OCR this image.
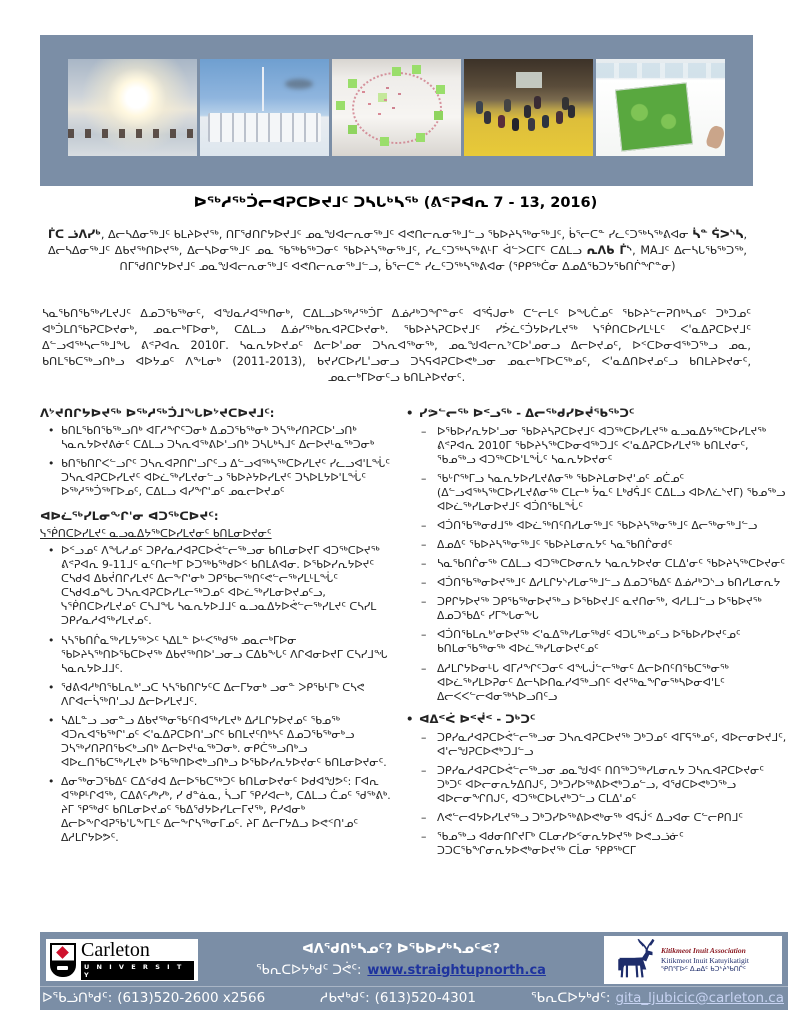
ᐅᖅᓱᖅᑑᓕᐊᕈᑕᐅᔪᒧᑦ ᑐᓴᒐᒃᓴᖅ (ᕕᕝᕈᐊᕆ 7 - 13, 2016)

ᒦᑕ ᓘᐱᓯᒃ, ᐃᓕᓴᐃᓂᖅᒧᑦ ᑲᒪᔨᐅᔪᖅ, ᑎᒥᖁᑎᒋᔭᐅᔪᒧᑦ ᓄᓇᖑᐊᓕᕆᓂᖅᒧᑦ ᐊᕙᑎᓕᕆᓂᖅᒧᓪᓗ ᖃᐅᔨᓴᖅᓂᖅᒧᑦ, ᑳᕐᓕᑕᓐ ᓯᓚᑦᑐᖅᓴᖅᕕᐊᓂ ᓵᓐ ᕌᐳᔅᓴ, ᐃᓕᓴᐃᓂᖅᒧᑦ ᐃᑲᔪᖅᑎᐅᔪᖅ, ᐃᓕᓴᐅᓂᖅᒧᑦ ᓄᓇ ᖃᖅᑲᖅᑐᓂᑦ ᖃᐅᔨᓴᖅᓂᖅᒧᑦ, ᓯᓚᑦᑐᖅᓴᖅᕕᒻᒥ ᐋᓪᐳᑕᒥᑦ ᑕᐃᒪᓗ ᕆᐱᑲ ᒦᔅ, MAᒧᑦ ᐃᓕᓴᒐᖃᖅᑐᖅ, ᑎᒥᖁᑎᒋᔭᐅᔪᒧᑦ ᓄᓇᖑᐊᓕᕆᓂᖅᒧᑦ ᐊᕙᑎᓕᕆᓂᖅᒧᓪᓗ, ᑳᕐᓕᑕᓐ ᓯᓚᑦᑐᖅᓴᖅᕕᐊᓂ (ᕿᑭᖅᑖᓂ ᐃᓄᐃᖃᑐᔭᖃᑎᒌᖏᓐᓂ)

ᓴᓇᖃᑎᖃᖅᓯᒪᔪᒍᑦ ᐃᓄᑐᖃᖅᓂᑦ, ᐊᖑᓇᓱᐊᖅᑎᓂᒃ, ᑕᐃᒪᓗᐅᖅᓱᖅᑑᒥ ᐃᓅᓱᒃᑐᖏᓐᓂᑦ ᐊᕐᕌᒍᓂᒃ ᑕᓪᓕᒪᑦ ᐅᖓᑖᓄᑦ ᖃᐅᔨᓪᓕᕈᑎᒃᓴᓄᑦ ᑐᒃᑐᓄᑦ ᐊᒃᑑᒪᑎᖃᕈᑕᐅᔪᓂᒃ, ᓄᓇᓕᒃᒥᐅᓂᒃ, ᑕᐃᒪᓗ ᐃᓅᓯᖅᑲᕆᐊᕈᑕᐅᔪᓂᒃ. ᖃᐅᔨᓴᕈᑕᐅᔪᒧᑦ ᓯᕘᓛᑦᑑᔭᐅᓯᒪᔪᖅ ᓭᖀᑎᑕᐅᓯᒪᒻᒪᑦ ᐸ'ᓇᐃᕈᑕᐅᔪᒧᑦ ᐃᓪᓗᐊᖅᓴᓕᖅᒧᖓ ᕕᕝᕈᐊᕆ 2010ᒥ. ᓴᓇᕆᔭᐅᔪᓄᑦ ᐃᓕᐅ'ᓄᓂ ᑐᓴᕆᐊᖅᓂᖅ, ᓄᓇᖑᐊᓕᕆᔾᑕᐅ'ᓄᓂᓗ ᐃᓕᐅᔪᓄᑦ, ᐅᑉᑕᐅᓂᐊᖅᑐᖅᓗ ᓄᓇ, ᑲᑎᒪᖃᑕᖅᓗᑎᒃᓗ ᐊᐅᔭᓄᑦ ᐱᖕᒪᓂᒃ (2011-2013), ᑲᔪᓯᑕᐅᓯᒪ'ᓗᓂᓗ ᑐᓴᕋᐊᕈᑕᐅᕙᒃᓗᓂ ᓄᓇᓕᒃᒥᐅᑕᖅᓄᑦ, ᐸ'ᓇᐃᑎᐅᔪᓄᑦᓗ ᑲᑎᒪᔨᐅᔪᓂᑦ, ᓄᓇᓕᒃᒥᐅᓂᑦᓗ ᑲᑎᒪᔨᐅᔪᓂᑦ.

ᐱᔾᔪᑎᒋᔭᐅᔪᖅ ᐅᖅᓱᖅᑑᒧᖓᐅᔾᔪᑕᐅᔪᒧᑦ:
• ᑲᑎᒪᖃᑎᖃᖅᓗᑎᒃ ᐊᒥᓱᖏᑦᑐᓂᒃ ᐃᓄᑐᖃᖅᓂᒃ ᑐᓴᖅᓯᑎᕈᑕᐅ'ᓗᑎᒃ ᓴᓇᕆᔭᐅᔪᕕᓃᑦ ᑕᐃᒪᓗ ᑐᓴᕆᐊᖅᕕᐅ'ᓗᑎᒃ ᑐᓴᒐᒃᓴᒧᑦ ᐃᓕᐅᔪᒻᓇᖅᑐᓂᒃ
• ᑲᑎᖃᑎᒋᐸᓪᓗᒋᑦ ᑐᓴᕆᐊᕈᑎᒋ'ᓗᒋᑦᓗ ᐃᓪᓗᐊᖅᓴᖅᑕᐅᓯᒪᔪᑦ ᓯᓚᓗᐊ'ᒪᖔᑦ ᑐᓴᕆᐊᕈᑕᐅᓯᒪᔪᑦ ᐊᐅᓛᖅᓯᒪᔪᓂᓪᓗ ᖃᐅᔨᔭᐅᓯᒪᔪᑦ ᑐᓴᐅᒪᔭᐅ'ᒪᖔᑦ ᐅᖅᓱᖅᑑᖅᒥᐅᓄᑦ, ᑕᐃᒪᓗ ᐊᓯᖏ'ᓄᑦ ᓄᓇᓕᐅᔪᓄᑦ
ᐊᐅᓛᖅᓯᒪᓂᖕᒋ'ᓂ ᐊᑐᖅᑕᐅᔪᑦ:
ᓭᖀᑎᑕᐅᓯᒪᔪᑦ ᓇᓗᓇᐃᔭᖅᑕᐅᓯᒪᔪᓂᑦ ᑲᑎᒪᓂᐅᔪᓂᑦ
• ᐅᑉᓗᓄᑦ ᐱᖓᓱᓄᑦ ᑐᑭᓯᓇᓱᐊᕈᑕᐅᕚᓪᓕᖅᓗᓂ ᑲᑎᒪᓂᐅᔪᒥ ᐊᑐᖅᑕᐅᔪᖅ ᕕᕝᕈᐊᕆ 9-11ᒧᑦ ᓇᑦᑎᓕᒃᒥ ᐅᑐᖅᑲᖅᑯᐅᑉ ᑲᑎᒪᕕᐊᓂ. ᐅᖃᐅᓯᕆᔭᐅᔪᑦ ᑕᓴᑯᐊ ᐃᑲᔫᑎᒋᓯᒪᔪᑦ ᐃᓕᖕᒋ'ᓂᒃ ᑐᑭᖃᓕᖅᑎᑦᕙᓪᓕᖅᓯᒪᒻᒪᖔᑦ ᑕᓴᑯᐊᓄᖓ ᑐᓴᕆᐊᕈᑕᐅᓯᒪᓕᖅᑐᓄᑦ ᐊᐅᓛᖅᓯᒪᓂᐅᔪᓄᑦᓗ, ᓭᖀᑎᑕᐅᓯᒪᔪᓄᑦ ᑕᓴᒧᖓ ᓴᓇᕆᔭᐅᒧᒧᑦ ᓇᓗᓇᐃᔭᐅᕚᓪᓕᖅᓯᒪᔪᑦ ᑕᓴᓯᒪ ᑐᑭᓯᓇᓱᐊᖅᓯᒪᔪᓄᑦ.
• ᓴᓴᖃᑎᒌᓇᖅᓯᒪᔭᖅᐳᑦ ᓴᐃᒪᓐ ᐅᒡᐸᖅᑯᖅ ᓄᓇᓕᒃᒥᐅᓂ ᖃᐅᔨᓴᖅᑎᐅᖃᑕᐅᔪᖅ ᐃᑲᔪᖅᑎᐅ'ᓗᓂᓗ ᑕᐃᑲᖕᒐᑦ ᐱᒋᐊᓂᐅᔪᒥ ᑕᓴᓯᒧᖓ ᓴᓇᕆᔭᐅᒧᒧᑦ.
• ᖁᕕᐊᓱᒃᑎᖃᒪᕆᒃ'ᓗᑕ ᓴᓴᖃᑎᒋᔭᑦᑕ ᐃᓕᒥᔭᓂᒃ ᓗᓂᓐ ᐳᑭᖃᒻᒥᒃ ᑕᓴᕙ ᐱᒋᐊᓕᓵᖅᑎ'ᓗᒍ ᐃᓕᐅᓯᒪᔪᒧᑦ.
• ᓴᐃᒪᓐᓗ ᓗᓂᓐᓗ ᐃᑲᔪᖅᓂᖃᑦᑎᐊᖅᓯᒪᔪᒃ ᐃᓱᒪᒋᔭᐅᔪᓄᑦ ᖃᓄᖅ ᐊᑐᕆᐊᖃᖅᒋ'ᓄᑦ ᐸ'ᓇᐃᕈᑕᐅᑎ'ᓗᒋᑦ ᑲᑎᒪᔪᑦᑎᒃᓴᑦ ᐃᓄᑐᖃᖅᓂᒃᓗ ᑐᓴᖅᓯᑎᕈᑎᖃᐸᒃᓗᑎᒃ ᐃᓕᐅᔪᒻᓇᖅᑐᓂᒃ. ᓂᑭᑖᖅᓗᑎᒃᓗ ᐊᐅᓚᑎᖃᑕᖅᓯᒪᔪᒃ ᐅᖃᖅᑎᐅᕙᒃᓗᑎᒃᓗ ᐅᖃᐅᓯᕆᔭᐅᔪᓂᑦ ᑲᑎᒪᓂᐅᔪᓂᑦ.
• ᐃᓂᖅᓂᑐᖃᐃᑦ ᑕᐃᑉᑯᐊ ᐃᓕᐅᖃᑕᖅᑐᑦ ᑲᑎᒪᓂᐅᔪᓂᑦ ᐅᑯᐊᖑᕗᑦ: ᒥᐊᕆ ᐊᖅᑭᒻᒋᐊᖅ, ᑕᐃᕕᑦᓯᒃᓯᒃ, ᓯ ᑯᓐᓈᓇ, ᓵᓗᒥ ᕿᓯᐊᓕᒃ, ᑕᐃᒪᓗ ᑖᓄᑦ ᖁᖅᕕᒃ. ᔨᒥ ᕿᖅᑯᑦ ᑲᑎᒪᓂᐅᔪᓄᑦ ᖃᐃᖁᔭᐅᓯᒪᓕᒥᔪᖅ, ᑭᓯᐊᓂᒃ ᐃᓕᐅᖕᒋᐊᕈᖃ'ᒐᖕᒥᒪᑦ ᐃᓕᖕᒋᓴᖅᓂᒥᓄᑦ. ᔨᒥ ᐃᓕᒥᔭᐃᓗ ᐅᕙᑉᑎ'ᓄᑦ ᐃᓱᒪᒋᔭᐅᕗᑦ.
• ᓯᕗᓪᓕᖅ ᐅᑉᓗᖅ - ᐃᓕᖅᑯᓯᐅᔫᖃᖅᑐᑦ
– ᐅᖃᐅᓯᕆᔭᐅ'ᓗᓂ ᖃᐅᔨᓴᕈᑕᐅᔪᒧᑦ ᐊᑐᖅᑕᐅᓯᒪᔪᖅ ᓇᓗᓇᐃᔭᖅᑕᐅᓯᒪᔪᖅ ᕕᕝᕈᐊᕆ 2010ᒥ ᖃᐅᔨᓴᖅᑕᐅᓂᐊᖅᑐᒧᑦ ᐸ'ᓇᐃᕈᑕᐅᓯᒪᔪᖅ ᑲᑎᒪᔪᓂᑦ, ᖃᓄᖅᓗ ᐊᑐᖅᑕᐅ'ᒪᖔᑦ ᓴᓇᕆᔭᐅᔪᓂᑦ
– ᖃᒡᒋᖅᒥᓗ ᓴᓇᕆᔭᐅᓯᒪᔪᕕᓂᖅ ᖃᐅᔨᒪᓂᐅᔪ'ᓄᑦ ᓄᑖᓄᑦ (ᐃᓪᓗᐊᖅᓴᖅᑕᐅᓯᒪᔪᕕᓂᖅ ᑕᒪᓕᒃ ᔮᓇᑦ ᒪᒃᑯᕌᒧᑦ ᑕᐃᒪᓗ ᐊᐅᐱᓛᔅᔪᒥ) ᖃᓄᖅᓗ ᐊᐅᓛᖅᓯᒪᓂᐅᔪᒧᑦ ᐊᑑᑎᖃᒪᖔᑦ
– ᐊᑑᑎᖃᖅᓂᑯᒧᖅ ᐊᐅᓛᖅᑎᑦᑎᓯᒪᓂᖅᒧᑦ ᖃᐅᔨᓴᖅᓂᖅᒧᑦ ᐃᓕᖅᓂᖅᒧᓪᓗ
– ᐃᓄᐃᑦ ᖃᐅᔨᓴᖅᓂᖅᒧᑦ ᖃᐅᔨᒪᓂᕆᔭᑦ ᓴᓇᖃᑎᒌᓂᑯᑦ
– ᓴᓇᖃᑎᒌᓂᖅ ᑕᐃᒪᓗ ᐊᑐᖅᑕᐅᓂᕆᔭ ᓴᓇᕆᔭᐅᔪᓂ ᑕᒪᐃ'ᓂᑦ ᖃᐅᔨᓴᖅᑕᐅᔪᓂᑦ
– ᐊᑑᑎᖃᖅᓂᐅᔪᖅᒧᑦ ᐃᓱᒪᒋᔭᔅᓯᒪᓂᖅᒧᓪᓗ ᐃᓄᑐᖃᐃᑦ ᐃᓅᓱᒃᑐᔅᓗ ᑲᑎᓯᒪᓂᕆᔭ
– ᑐᑭᒋᔭᐅᔪᖅ ᑐᑭᖃᖅᓂᐅᔪᖅᓗ ᐅᖃᐅᔪᒧᑦ ᓇᔪᑎᓂᖅ, ᐊᓱᒪᒧᓪᓗ ᐅᖃᐅᔪᖅ ᐃᓄᑐᖃᐃᑦ ᓯᒥᖕᒐᓂᖕᒐ
– ᐊᑑᑎᖃᒪᕆᒃ'ᓂᐅᔪᖅ ᐸ'ᓇᐃᖅᓯᒪᓂᖅᑯᑦ ᐊᑐᒐᖅᓄᑦᓗ ᐅᖃᐅᓯᐅᔪᑦᓄᑦ ᑲᑎᒪᓂᖃᖅᓂᖅ ᐊᐅᓛᖅᓯᒪᓂᐅᔪᑦᓄᑦ
– ᐃᓱᒪᒋᔭᐅᓂᒻᒐ ᐊᒥᓱᖏᑦᑐᓂᑦ ᐊᖓᒎᓪᓕᖅᓂᑦ ᐃᓕᐅᑎᑦᑎᖃᑕᖅᓂᖅ ᐊᐅᓛᖅᓯᒪᐅᕈᓂᑦ ᐃᓕᓴᐅᑎᓇᓯᐊᖅᓗᑎᑦ ᐊᔪᖅᓇᖏᓂᖅᓴᐅᓂᐊ'ᒪᑦ ᐃᓕᐸᐸᓪᓕᐊᓂᖅᓴᐅᓗᑎᑦᓗ
• ᐊᐃᑉᐹ ᐅᑉᔫᑉ - ᑐᒃᑐᑦ
– ᑐᑭᓯᓇᓱᐊᕈᑕᐅᕚᓪᓕᖅᓗᓂ ᑐᓴᕆᐊᕈᑕᐅᔪᖅ ᑐᒃᑐᓄᑦ ᐊᒥᕋᖅᓄᑦ, ᐊᐅᓕᓂᐅᔪᒧᑦ, ᐊ'ᓕᖑᕈᑕᐅᕙᒃᑐᒧᓪᓗ
– ᑐᑭᓯᓇᓱᐊᕈᑕᐅᕚᓪᓕᖅᓗᓂ ᓄᓇᖑᐊᑦ ᑎᑎᖅᑐᖅᓯᒪᓂᕆᔭ ᑐᓴᕆᐊᕈᑕᐅᔪᓂᑦ ᑐᒃᑐᑦ ᐊᐅᓕᓂᕆᔭᐃᑎᒍᑦ, ᑐᒃᑐᓯᐅᖅᕕᐅᕙᒃᑐᓄᓪᓗ, ᐊᕐᑯᑕᐅᕙᒃᑐᖅᓗ ᐊᐅᓕᓂᖏᑎᒍᑦ, ᐊᑐᖅᑕᐅᒐᔪᒃᑐᓪᓗ ᑕᒪᐃ'ᓄᑦ
– ᐱᕙᓪᓕᐊᔭᐅᓯᒪᔪᖅᓗ ᑐᒃᑐᓯᐅᖅᕕᐅᕙᒃᓂᖅ ᐊᕋᒎᑉ ᐃᓗᐊᓂ ᑕᓪᓕᑭᑎᒧᑦ
– ᖃᓄᖅᓗ ᐊᑯᓂᑎᒋᔪᒥᒃ ᑕᒪᓂᓯᐅᑉᓂᕆᔭᐅᔪᖅ ᐅᕙᓗᓘᓃᑦ ᑐᑐᑕᖃᖏᓂᕆᔭᐅᕙᒃᓂᐅᔪᖅ ᑕᒫᓂ ᕿᑭᖅᑕᒥ
Carleton
U N I V E R S I T Y
ᐊᐱᖁᑎᒃᓴᓄᑦ? ᐅᖃᐅᓯᒃᓴᓄᑦᕙ?
ᖃᕆᑕᐅᔭᒃᑯᑦ ᑐᕚᑦ: www.straightupnorth.ca
Kitikmeot Inuit Association
Kitikmeot Inuit Katuyikatigit
ᕿᑎᕐᒥᐅᑦ ᐃᓄᐃᑦ ᑲᑐᔾᔨᖃᑎᒌᑦ
ᐅᖃᓘᑎᒃᑯᑦ: (613)520-2600 x2566	ᓱᑲᔪᒃᑯᑦ: (613)520-4301	ᖃᕆᑕᐅᔭᒃᑯᑦ: gita_ljubicic@carleton.ca
